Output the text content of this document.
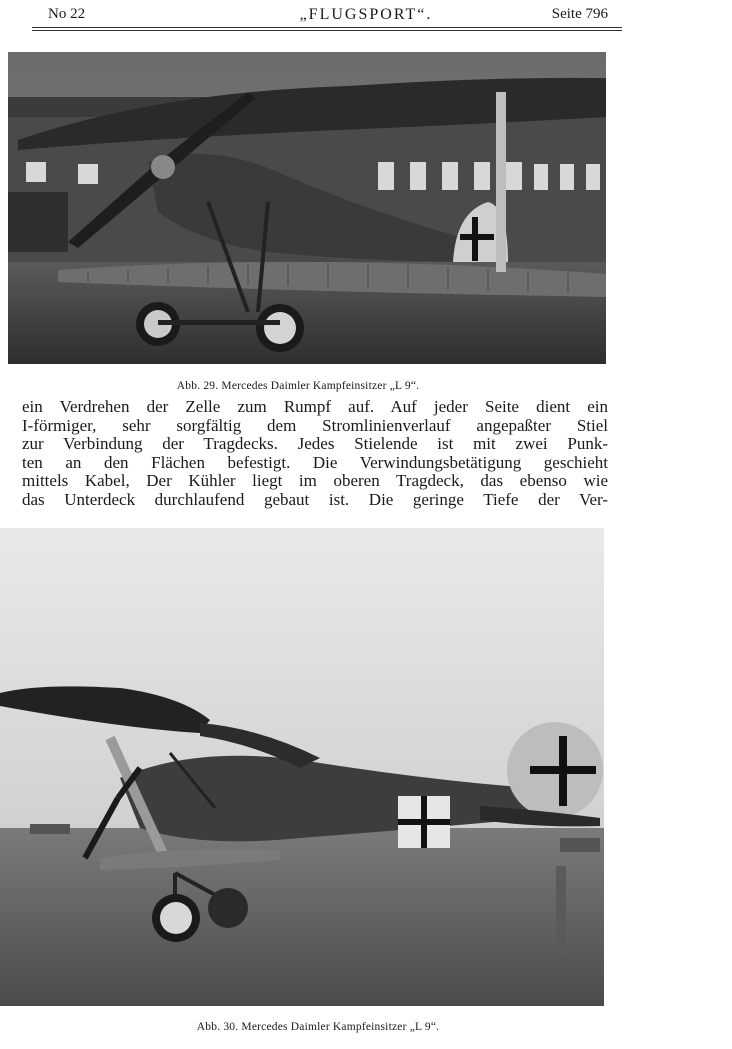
No 22	„FLUGSPORT“.	Seite 796
Abb. 29. Mercedes Daimler Kampfeinsitzer „L 9“.
ein Verdrehen der Zelle zum Rumpf auf. Auf jeder Seite dient ein
I-förmiger, sehr sorgfältig dem Stromlinienverlauf angepaßter Stiel
zur Verbindung der Tragdecks. Jedes Stielende ist mit zwei Punk-
ten an den Flächen befestigt. Die Verwindungsbetätigung geschieht
mittels Kabel, Der Kühler liegt im oberen Tragdeck, das ebenso wie
das Unterdeck durchlaufend gebaut ist. Die geringe Tiefe der Ver-
Abb. 30. Mercedes Daimler Kampfeinsitzer „L 9“.
